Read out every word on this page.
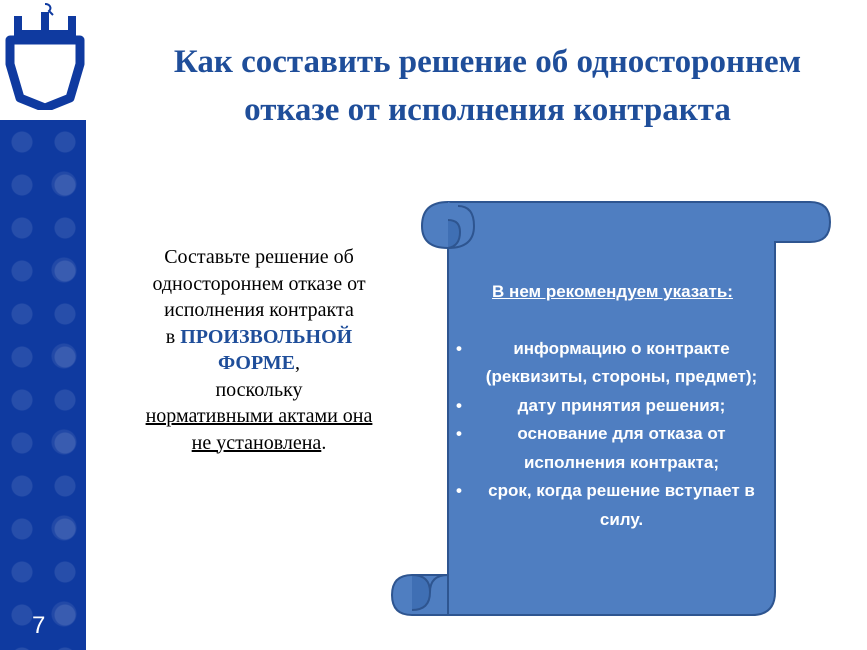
7
Как составить решение об одностороннем отказе от исполнения контракта
Составьте решение об одностороннем отказе от исполнения контракта
в ПРОИЗВОЛЬНОЙ ФОРМЕ,
поскольку
нормативными актами она не установлена.
В нем рекомендуем указать:
• информацию о контракте (реквизиты, стороны, предмет);
• дату принятия решения;
• основание для отказа от исполнения контракта;
• срок, когда решение вступает в силу.
